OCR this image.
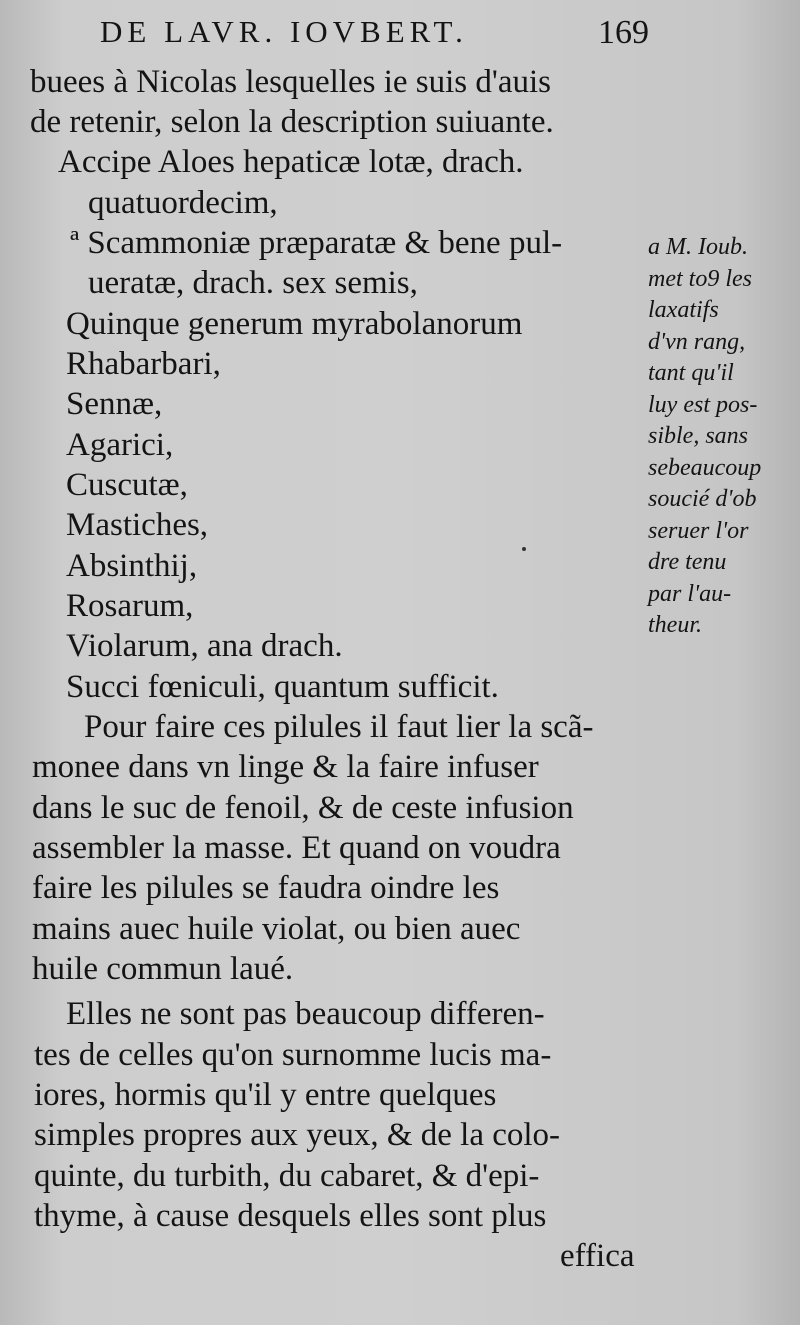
DE LAVR. IOVBERT.	169
buees à Nicolas lesquelles ie suis d'auis
de retenir, selon la description suiuante.
Accipe Aloes hepaticæ lotæ, drach.
quatuordecim,
ª Scammoniæ præparatæ & bene pul-
ueratæ, drach. sex semis,
Quinque generum myrabolanorum
Rhabarbari,
Sennæ,
Agarici,
Cuscutæ,
Mastiches,
Absinthij,
Rosarum,
Violarum, ana drach.
Succi fœniculi, quantum sufficit.
Pour faire ces pilules il faut lier la scã-
monee dans vn linge & la faire infuser
dans le suc de fenoil, & de ceste infusion
assembler la masse. Et quand on voudra
faire les pilules se faudra oindre les
mains auec huile violat, ou bien auec
huile commun laué.
Elles ne sont pas beaucoup differen-
tes de celles qu'on surnomme lucis ma-
iores, hormis qu'il y entre quelques
simples propres aux yeux, & de la colo-
quinte, du turbith, du cabaret, & d'epi-
thyme, à cause desquels elles sont plus
efficа
a M. Ioub.
met to9 les
laxatifs
d'vn rang,
tant qu'il
luy est pos-
sible, sans
sebeaucoup
soucié d'ob
seruer l'or
dre tenu
par l'au-
theur.
